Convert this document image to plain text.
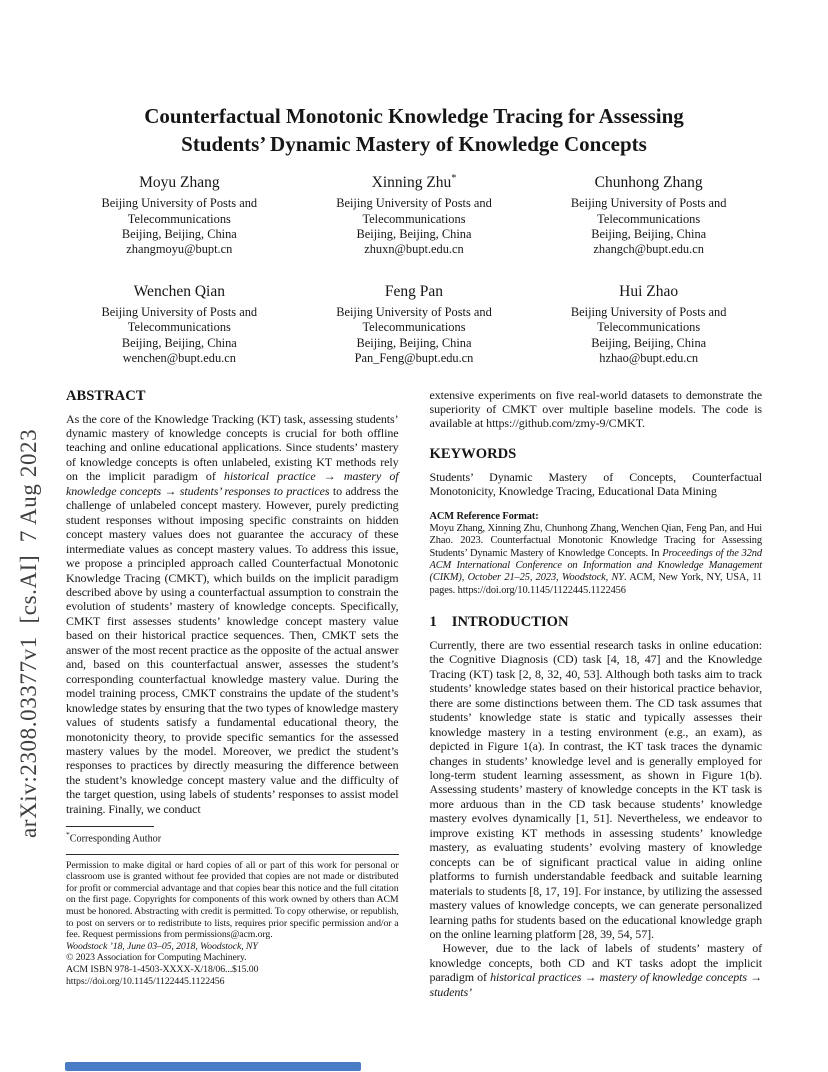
arXiv:2308.03377v1  [cs.AI]  7 Aug 2023
Counterfactual Monotonic Knowledge Tracing for Assessing
Students’ Dynamic Mastery of Knowledge Concepts
Moyu Zhang
Beijing University of Posts and
Telecommunications
Beijing, Beijing, China
zhangmoyu@bupt.cn
Xinning Zhu*
Beijing University of Posts and
Telecommunications
Beijing, Beijing, China
zhuxn@bupt.edu.cn
Chunhong Zhang
Beijing University of Posts and
Telecommunications
Beijing, Beijing, China
zhangch@bupt.edu.cn
Wenchen Qian
Beijing University of Posts and
Telecommunications
Beijing, Beijing, China
wenchen@bupt.edu.cn
Feng Pan
Beijing University of Posts and
Telecommunications
Beijing, Beijing, China
Pan_Feng@bupt.edu.cn
Hui Zhao
Beijing University of Posts and
Telecommunications
Beijing, Beijing, China
hzhao@bupt.edu.cn
ABSTRACT

As the core of the Knowledge Tracking (KT) task, assessing students’ dynamic mastery of knowledge concepts is crucial for both offline teaching and online educational applications. Since students’ mastery of knowledge concepts is often unlabeled, existing KT methods rely on the implicit paradigm of historical practice → mastery of knowledge concepts → students’ responses to practices to address the challenge of unlabeled concept mastery. However, purely predicting student responses without imposing specific constraints on hidden concept mastery values does not guarantee the accuracy of these intermediate values as concept mastery values. To address this issue, we propose a principled approach called Counterfactual Monotonic Knowledge Tracing (CMKT), which builds on the implicit paradigm described above by using a counterfactual assumption to constrain the evolution of students’ mastery of knowledge concepts. Specifically, CMKT first assesses students’ knowledge concept mastery value based on their historical practice sequences. Then, CMKT sets the answer of the most recent practice as the opposite of the actual answer and, based on this counterfactual answer, assesses the student’s corresponding counterfactual knowledge mastery value. During the model training process, CMKT constrains the update of the student’s knowledge states by ensuring that the two types of knowledge mastery values of students satisfy a fundamental educational theory, the monotonicity theory, to provide specific semantics for the assessed mastery values by the model. Moreover, we predict the student’s responses to practices by directly measuring the difference between the student’s knowledge concept mastery value and the difficulty of the target question, using labels of students’ responses to assist model training. Finally, we conduct

*Corresponding Author

Permission to make digital or hard copies of all or part of this work for personal or classroom use is granted without fee provided that copies are not made or distributed for profit or commercial advantage and that copies bear this notice and the full citation on the first page. Copyrights for components of this work owned by others than ACM must be honored. Abstracting with credit is permitted. To copy otherwise, or republish, to post on servers or to redistribute to lists, requires prior specific permission and/or a fee. Request permissions from permissions@acm.org.

Woodstock ’18, June 03–05, 2018, Woodstock, NY
© 2023 Association for Computing Machinery.
ACM ISBN 978-1-4503-XXXX-X/18/06...$15.00
https://doi.org/10.1145/1122445.1122456

extensive experiments on five real-world datasets to demonstrate the superiority of CMKT over multiple baseline models. The code is available at https://github.com/zmy-9/CMKT.

KEYWORDS

Students’ Dynamic Mastery of Concepts, Counterfactual Monotonicity, Knowledge Tracing, Educational Data Mining

ACM Reference Format:

Moyu Zhang, Xinning Zhu, Chunhong Zhang, Wenchen Qian, Feng Pan, and Hui Zhao. 2023. Counterfactual Monotonic Knowledge Tracing for Assessing Students’ Dynamic Mastery of Knowledge Concepts. In Proceedings of the 32nd ACM International Conference on Information and Knowledge Management (CIKM), October 21–25, 2023, Woodstock, NY. ACM, New York, NY, USA, 11 pages. https://doi.org/10.1145/1122445.1122456

1 INTRODUCTION

Currently, there are two essential research tasks in online education: the Cognitive Diagnosis (CD) task [4, 18, 47] and the Knowledge Tracing (KT) task [2, 8, 32, 40, 53]. Although both tasks aim to track students’ knowledge states based on their historical practice behavior, there are some distinctions between them. The CD task assumes that students’ knowledge state is static and typically assesses their knowledge mastery in a testing environment (e.g., an exam), as depicted in Figure 1(a). In contrast, the KT task traces the dynamic changes in students’ knowledge level and is generally employed for long-term student learning assessment, as shown in Figure 1(b). Assessing students’ mastery of knowledge concepts in the KT task is more arduous than in the CD task because students’ knowledge mastery evolves dynamically [1, 51]. Nevertheless, we endeavor to improve existing KT methods in assessing students’ knowledge mastery, as evaluating students’ evolving mastery of knowledge concepts can be of significant practical value in aiding online platforms to furnish understandable feedback and suitable learning materials to students [8, 17, 19]. For instance, by utilizing the assessed mastery values of knowledge concepts, we can generate personalized learning paths for students based on the educational knowledge graph on the online learning platform [28, 39, 54, 57].

However, due to the lack of labels of students’ mastery of knowledge concepts, both CD and KT tasks adopt the implicit paradigm of historical practices → mastery of knowledge concepts → students’
